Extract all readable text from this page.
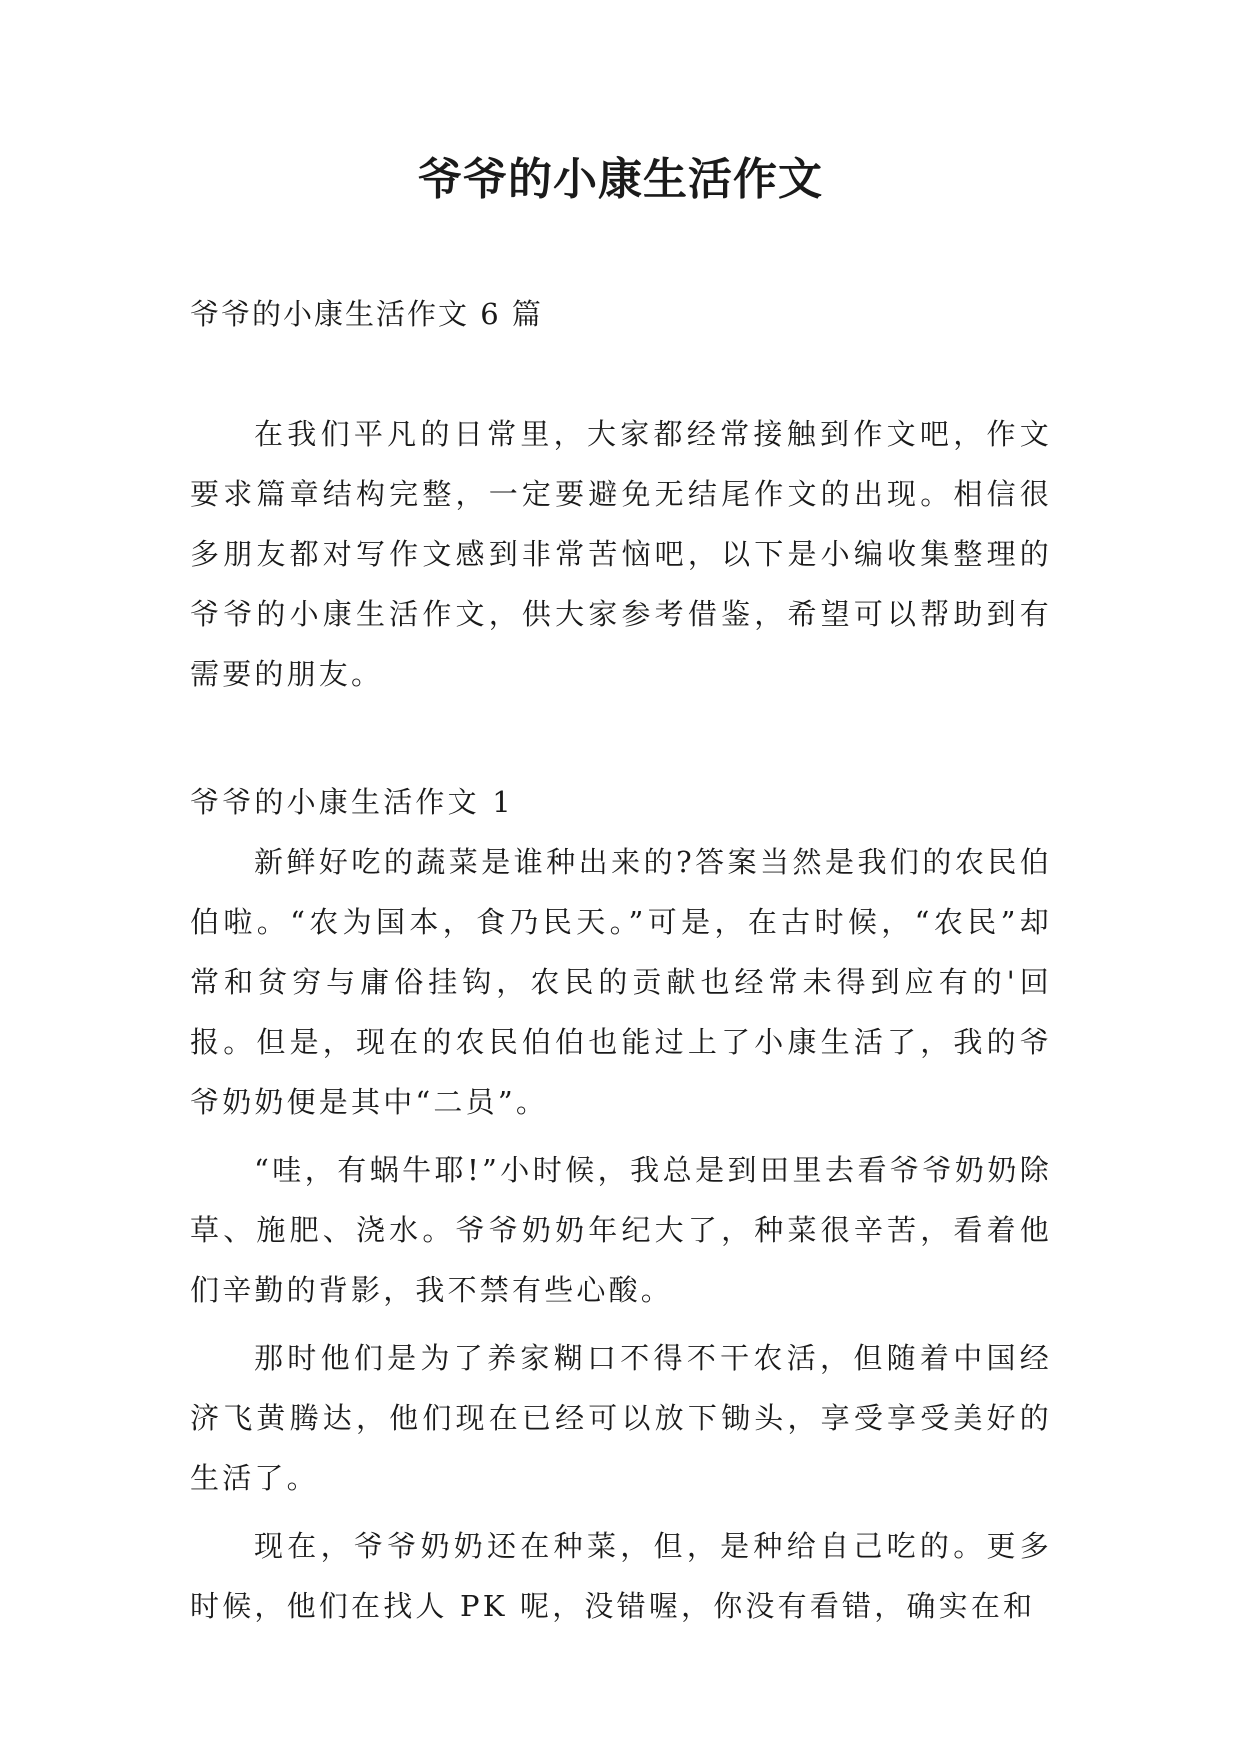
爷爷的小康生活作文

爷爷的小康生活作文 6 篇

在我们平凡的日常里，大家都经常接触到作文吧，作文要求篇章结构完整，一定要避免无结尾作文的出现。相信很多朋友都对写作文感到非常苦恼吧，以下是小编收集整理的爷爷的小康生活作文，供大家参考借鉴，希望可以帮助到有需要的朋友。

爷爷的小康生活作文 1

新鲜好吃的蔬菜是谁种出来的?答案当然是我们的农民伯伯啦。“农为国本，食乃民天。”可是，在古时候，“农民”却常和贫穷与庸俗挂钩，农民的贡献也经常未得到应有的'回报。但是，现在的农民伯伯也能过上了小康生活了，我的爷爷奶奶便是其中“二员”。

“哇，有蜗牛耶!”小时候，我总是到田里去看爷爷奶奶除草、施肥、浇水。爷爷奶奶年纪大了，种菜很辛苦，看着他们辛勤的背影，我不禁有些心酸。

那时他们是为了养家糊口不得不干农活，但随着中国经济飞黄腾达，他们现在已经可以放下锄头，享受享受美好的生活了。

现在，爷爷奶奶还在种菜，但，是种给自己吃的。更多时候，他们在找人 PK 呢，没错喔，你没有看错，确实在和
